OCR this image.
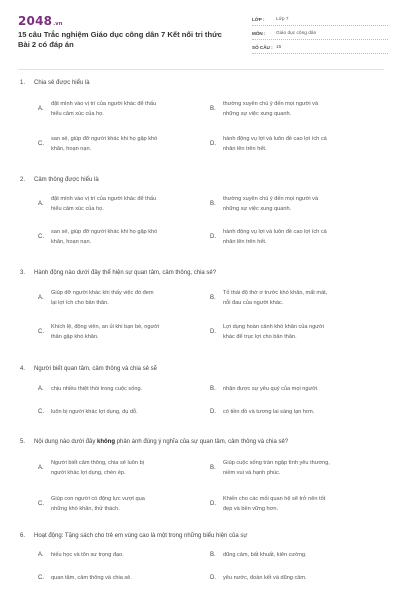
2048.vn
15 câu Trắc nghiệm Giáo dục công dân 7 Kết nối tri thức Bài 2 có đáp án
LỚP :	Lớp 7
MÔN :	Giáo dục công dân
SỐ CÂU : 15
1. Chia sẻ được hiểu là
A.
đặt mình vào vị trí của người khác để thấu
hiểu cảm xúc của họ.
B.
thường xuyên chú ý đến mọi người và
những sự việc xung quanh.
C.
san sẻ, giúp đỡ người khác khi họ gặp khó
khăn, hoạn nạn.
D.
hành động vụ lợi và luôn đề cao lợi ích cá
nhân lên trên hết.
2. Cảm thông được hiểu là
A.
đặt mình vào vị trí của người khác để thấu
hiểu cảm xúc của họ.
B.
thường xuyên chú ý đến mọi người và
những sự việc xung quanh.
C.
san sẻ, giúp đỡ người khác khi họ gặp khó
khăn, hoạn nạn.
D.
hành động vụ lợi và luôn đề cao lợi ích cá
nhân lên trên hết.
3. Hành động nào dưới đây thể hiện sự quan tâm, cảm thông, chia sẻ?
A.
Giúp đỡ người khác khi thấy việc đó đem
lại lợi ích cho bản thân.
B.
Tỏ thái độ thờ ơ trước khó khăn, mất mát,
nỗi đau của người khác.
C.
Khích lệ, động viên, an ủi khi bạn bè, người
thân gặp khó khăn.
D.
Lợi dụng hoàn cảnh khó khăn của người
khác để trục lợi cho bản thân.
4. Người biết quan tâm, cảm thông và chia sẻ sẽ
A. chịu nhiều thiệt thòi trong cuộc sống.	B. nhận được sự yêu quý của mọi người.
C. luôn bị người khác lợi dụng, dụ dỗ.	D. có tiền đồ và tương lai sáng lạn hơn.
5. Nội dung nào dưới đây không phản ánh đúng ý nghĩa của sự quan tâm, cảm thông và chia sẻ?
A.
Người biết cảm thông, chia sẻ luôn bị
người khác lợi dụng, chèn ép.
B.
Giúp cuộc sống tràn ngập tình yêu thương,
niềm vui và hạnh phúc.
C.
Giúp con người có động lực vượt qua
những khó khăn, thử thách.
D.
Khiến cho các mối quan hệ sẽ trở nên tốt
đẹp và bền vững hơn.
6. Hoạt động: Tặng sách cho trẻ em vùng cao là một trong những biểu hiện của sự
A. hiếu học và tôn sư trọng đạo.	B. dũng cảm, bất khuất, kiên cường.
C. quan tâm, cảm thông và chia sẻ.	D. yêu nước, đoàn kết và dũng cảm.
